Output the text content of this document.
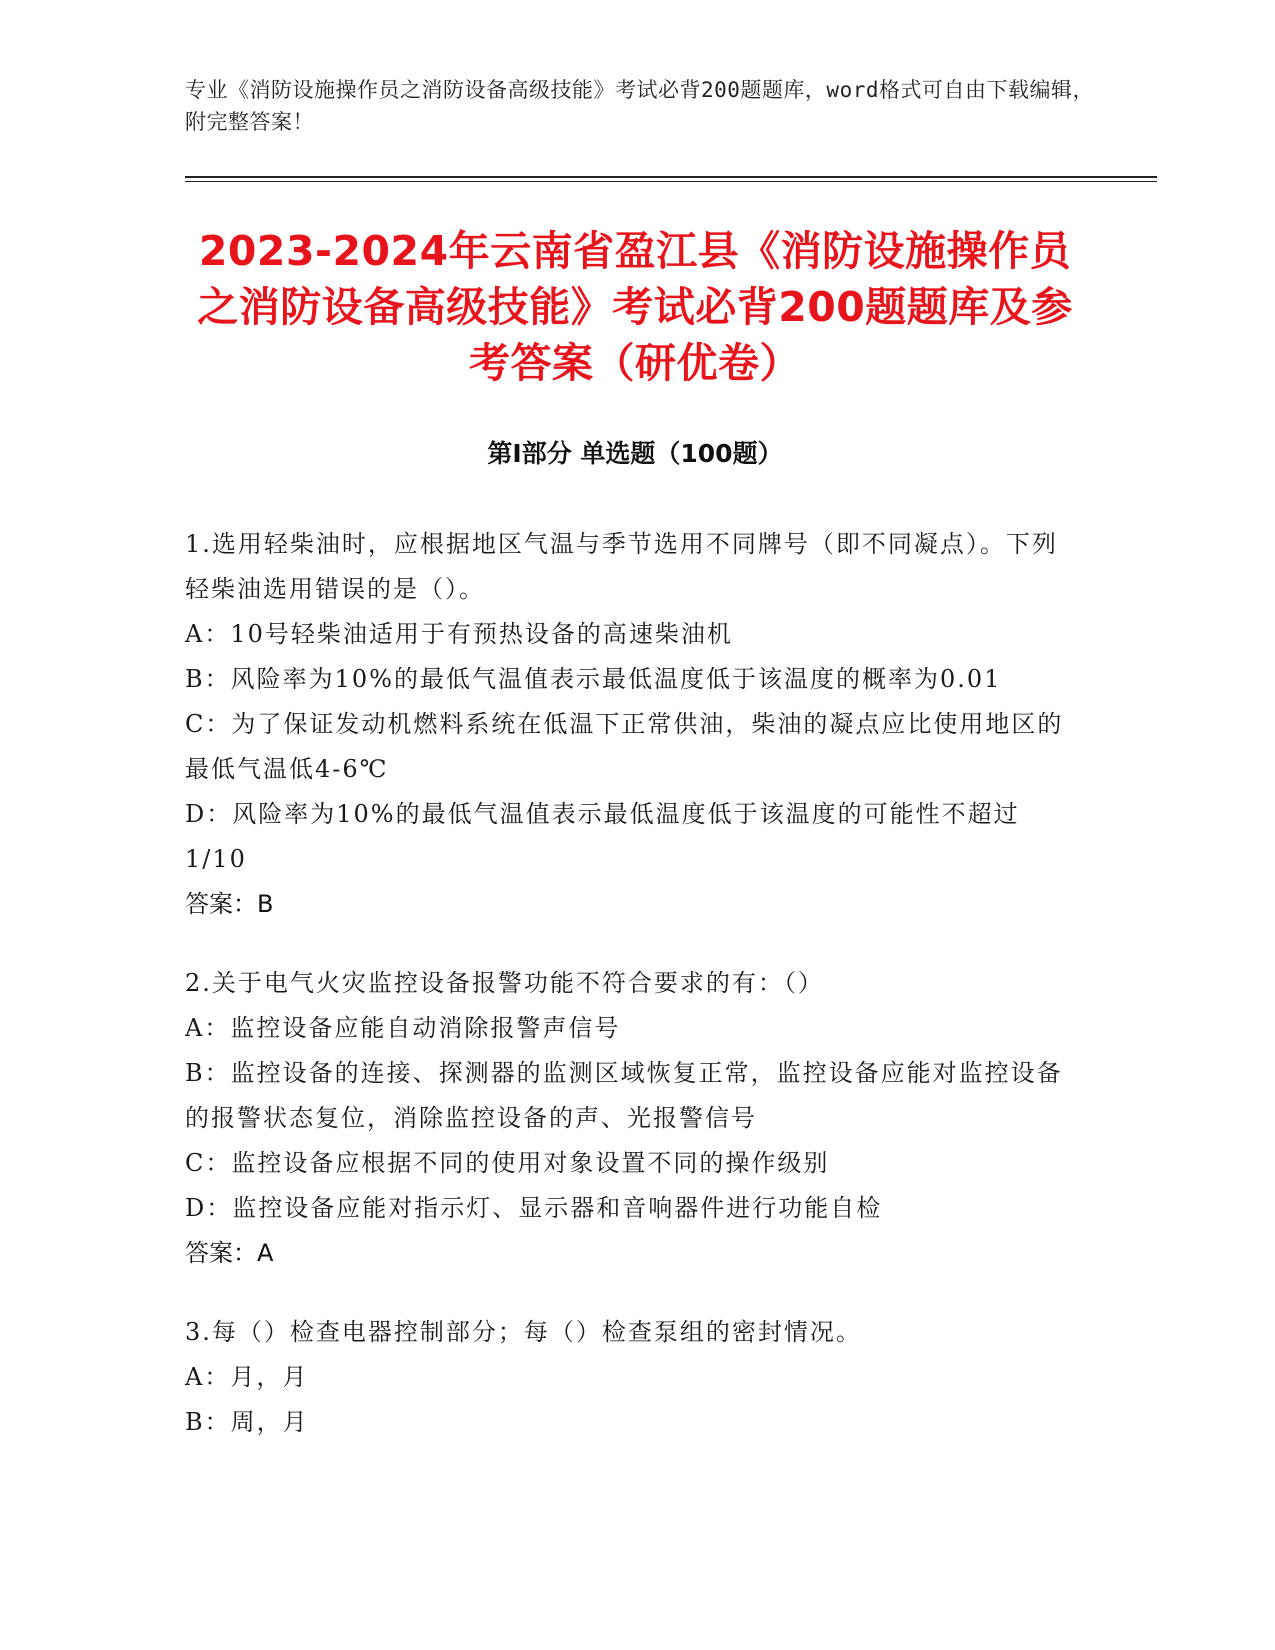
专业《消防设施操作员之消防设备高级技能》考试必背200题题库，word格式可自由下载编辑，附完整答案！
2023-2024年云南省盈江县《消防设施操作员之消防设备高级技能》考试必背200题题库及参考答案（研优卷）
第Ⅰ部分 单选题（100题）
1.选用轻柴油时，应根据地区气温与季节选用不同牌号（即不同凝点）。下列轻柴油选用错误的是（）。
A：10号轻柴油适用于有预热设备的高速柴油机
B：风险率为10%的最低气温值表示最低温度低于该温度的概率为0.01
C：为了保证发动机燃料系统在低温下正常供油，柴油的凝点应比使用地区的最低气温低4-6℃
D：风险率为10%的最低气温值表示最低温度低于该温度的可能性不超过1/10
答案：B
2.关于电气火灾监控设备报警功能不符合要求的有：（）
A：监控设备应能自动消除报警声信号
B：监控设备的连接、探测器的监测区域恢复正常，监控设备应能对监控设备的报警状态复位，消除监控设备的声、光报警信号
C：监控设备应根据不同的使用对象设置不同的操作级别
D：监控设备应能对指示灯、显示器和音响器件进行功能自检
答案：A
3.每（）检查电器控制部分；每（）检查泵组的密封情况。
A：月，月
B：周，月
